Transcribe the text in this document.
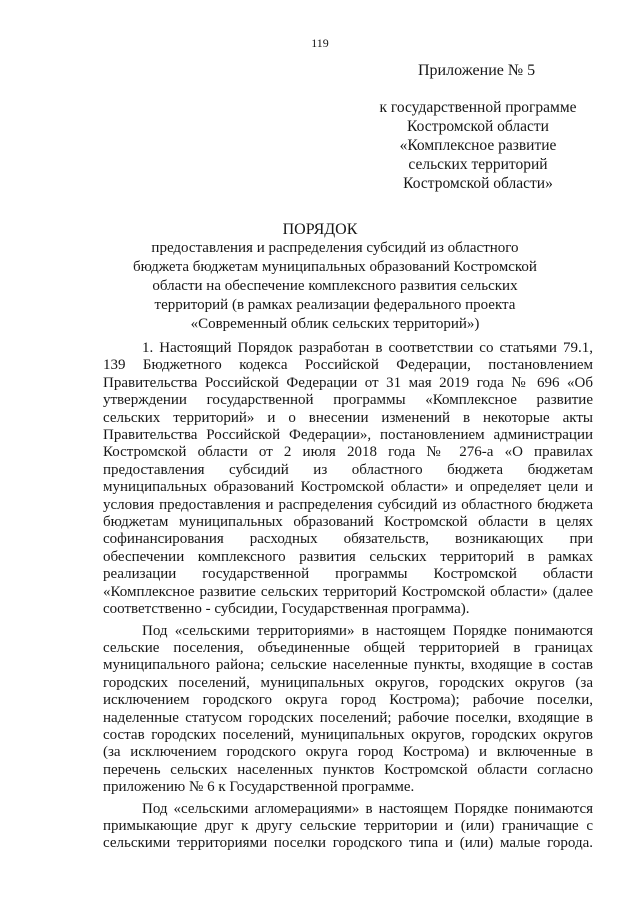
119
Приложение № 5
к государственной программе
Костромской области
«Комплексное развитие
сельских территорий
Костромской области»
ПОРЯДОК
предоставления и распределения субсидий из областного
бюджета бюджетам муниципальных образований Костромской
области на обеспечение комплексного развития сельских
территорий (в рамках реализации федерального проекта
«Современный облик сельских территорий»)

1. Настоящий Порядок разработан в соответствии со статьями 79.1,
139 Бюджетного кодекса Российской Федерации, постановлением
Правительства Российской Федерации от 31 мая 2019 года № 696 «Об
утверждении государственной программы «Комплексное развитие
сельских территорий» и о внесении изменений в некоторые акты
Правительства Российской Федерации», постановлением администрации
Костромской области от 2 июля 2018 года № 276-а «О правилах
предоставления субсидий из областного бюджета бюджетам
муниципальных образований Костромской области» и определяет цели и
условия предоставления и распределения субсидий из областного бюджета
бюджетам муниципальных образований Костромской области в целях
софинансирования расходных обязательств, возникающих при
обеспечении комплексного развития сельских территорий в рамках
реализации государственной программы Костромской области
«Комплексное развитие сельских территорий Костромской области» (далее
соответственно - субсидии, Государственная программа).

Под «сельскими территориями» в настоящем Порядке понимаются
сельские поселения, объединенные общей территорией в границах
муниципального района; сельские населенные пункты, входящие в состав
городских поселений, муниципальных округов, городских округов (за
исключением городского округа город Кострома); рабочие поселки,
наделенные статусом городских поселений; рабочие поселки, входящие в
состав городских поселений, муниципальных округов, городских округов
(за исключением городского округа город Кострома) и включенные в
перечень сельских населенных пунктов Костромской области согласно
приложению № 6 к Государственной программе.

Под «сельскими агломерациями» в настоящем Порядке понимаются
примыкающие друг к другу сельские территории и (или) граничащие с
сельскими территориями поселки городского типа и (или) малые города.
